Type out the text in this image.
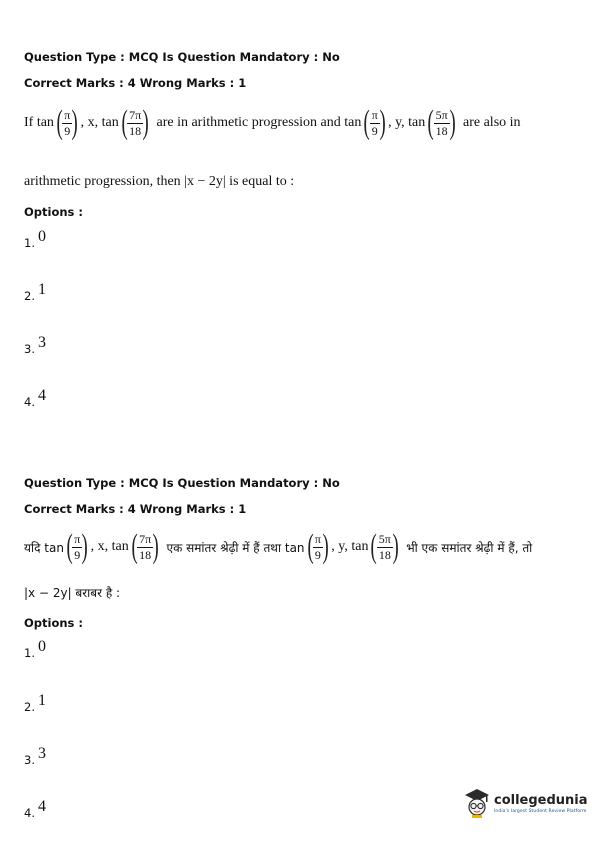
Question Type : MCQ Is Question Mandatory : No
Correct Marks : 4 Wrong Marks : 1
If tan ( $\frac{\pi}{9}$ ) , x, tan ( $\frac{7\pi}{18}$ ) are in arithmetic progression and tan ( $\frac{\pi}{9}$ ) , y, tan ( $\frac{5\pi}{18}$ ) are also in
arithmetic progression, then |x − 2y| is equal to :
Options :
1. 0
2. 1
3. 3
4. 4
Question Type : MCQ Is Question Mandatory : No
Correct Marks : 4 Wrong Marks : 1
यदि tan ( $\frac{\pi}{9}$ ) , x, tan ( $\frac{7\pi}{18}$ ) एक समांतर श्रेढ़ी में हैं तथा tan ( $\frac{\pi}{9}$ ) , y, tan ( $\frac{5\pi}{18}$ ) भी एक समांतर श्रेढ़ी में हैं, तो
|x − 2y| बराबर है :
Options :
1. 0
2. 1
3. 3
4. 4	collegedunia
India's largest Student Review Platform
